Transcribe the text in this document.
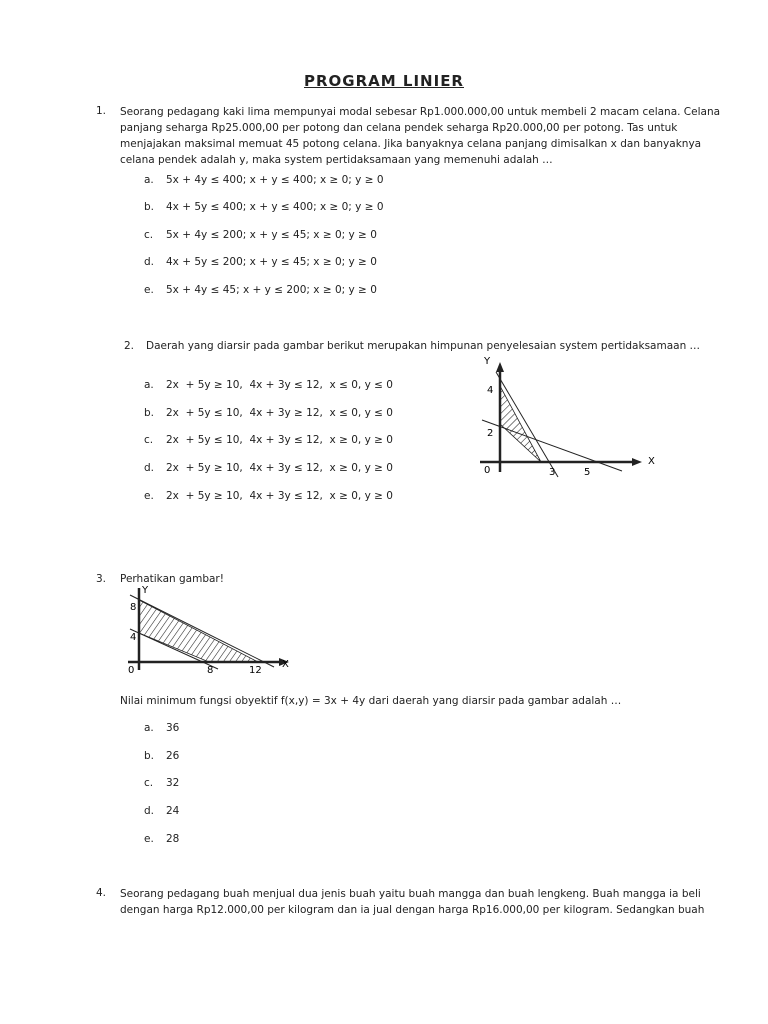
PROGRAM LINIER
1.	Seorang pedagang kaki lima mempunyai modal sebesar Rp1.000.000,00 untuk membeli 2 macam celana. Celana
panjang seharga Rp25.000,00 per potong dan celana pendek seharga Rp20.000,00 per potong. Tas untuk
menjajakan maksimal memuat 45 potong celana. Jika banyaknya celana panjang dimisalkan x dan banyaknya
celana pendek adalah y, maka system pertidaksamaan yang memenuhi adalah …
a. 5x + 4y ≤ 400; x + y ≤ 400; x ≥ 0; y ≥ 0
b. 4x + 5y ≤ 400; x + y ≤ 400; x ≥ 0; y ≥ 0
c. 5x + 4y ≤ 200; x + y ≤ 45; x ≥ 0; y ≥ 0
d. 4x + 5y ≤ 200; x + y ≤ 45; x ≥ 0; y ≥ 0
e. 5x + 4y ≤ 45; x + y ≤ 200; x ≥ 0; y ≥ 0
2. Daerah yang diarsir pada gambar berikut merupakan himpunan penyelesaian system pertidaksamaan …
a. 2x  + 5y ≥ 10,  4x + 3y ≤ 12,  x ≤ 0, y ≤ 0
b. 2x  + 5y ≤ 10,  4x + 3y ≥ 12,  x ≤ 0, y ≤ 0
c. 2x  + 5y ≤ 10,  4x + 3y ≤ 12,  x ≥ 0, y ≥ 0
d. 2x  + 5y ≥ 10,  4x + 3y ≤ 12,  x ≥ 0, y ≥ 0
e. 2x  + 5y ≥ 10,  4x + 3y ≤ 12,  x ≥ 0, y ≥ 0
Y
X
0
4
2
3	5
3. Perhatikan gambar!
Y
X
0
8
4
8	12
Nilai minimum fungsi obyektif f(x,y) = 3x + 4y dari daerah yang diarsir pada gambar adalah …
a. 36
b. 26
c. 32
d. 24
e. 28
4. Seorang pedagang buah menjual dua jenis buah yaitu buah mangga dan buah lengkeng. Buah mangga ia beli
dengan harga Rp12.000,00 per kilogram dan ia jual dengan harga Rp16.000,00 per kilogram. Sedangkan buah
